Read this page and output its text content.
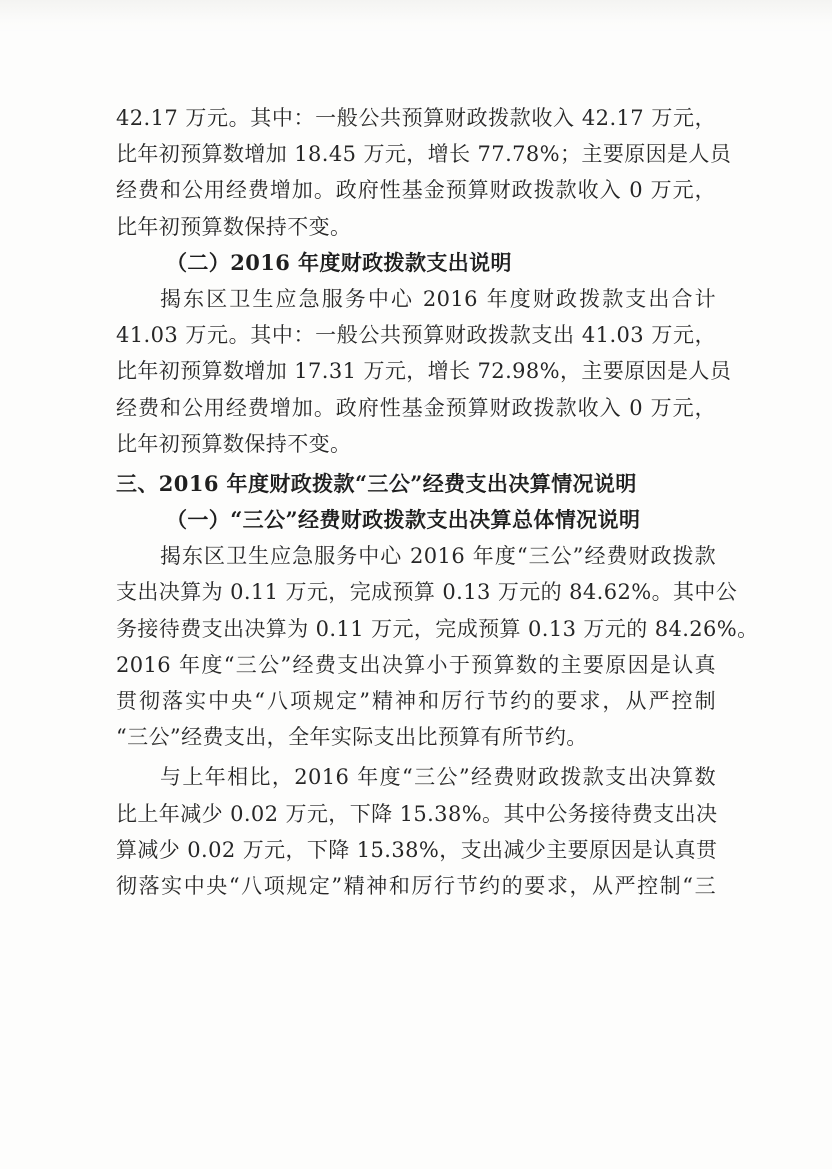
42.17 万元。其中：一般公共预算财政拨款收入 42.17 万元，
比年初预算数增加 18.45 万元，增长 77.78%；主要原因是人员
经费和公用经费增加。政府性基金预算财政拨款收入 0 万元，
比年初预算数保持不变。
（二）2016 年度财政拨款支出说明
揭东区卫生应急服务中心 2016 年度财政拨款支出合计
41.03 万元。其中：一般公共预算财政拨款支出 41.03 万元，
比年初预算数增加 17.31 万元，增长 72.98%，主要原因是人员
经费和公用经费增加。政府性基金预算财政拨款收入 0 万元，
比年初预算数保持不变。
三、2016 年度财政拨款“三公”经费支出决算情况说明
（一）“三公”经费财政拨款支出决算总体情况说明
揭东区卫生应急服务中心 2016 年度“三公”经费财政拨款
支出决算为 0.11 万元，完成预算 0.13 万元的 84.62%。其中公
务接待费支出决算为 0.11 万元，完成预算 0.13 万元的 84.26%。
2016 年度“三公”经费支出决算小于预算数的主要原因是认真
贯彻落实中央“八项规定”精神和厉行节约的要求，从严控制
“三公”经费支出，全年实际支出比预算有所节约。
与上年相比，2016 年度“三公”经费财政拨款支出决算数
比上年减少 0.02 万元，下降 15.38%。其中公务接待费支出决
算减少 0.02 万元，下降 15.38%，支出减少主要原因是认真贯
彻落实中央“八项规定”精神和厉行节约的要求，从严控制“三
